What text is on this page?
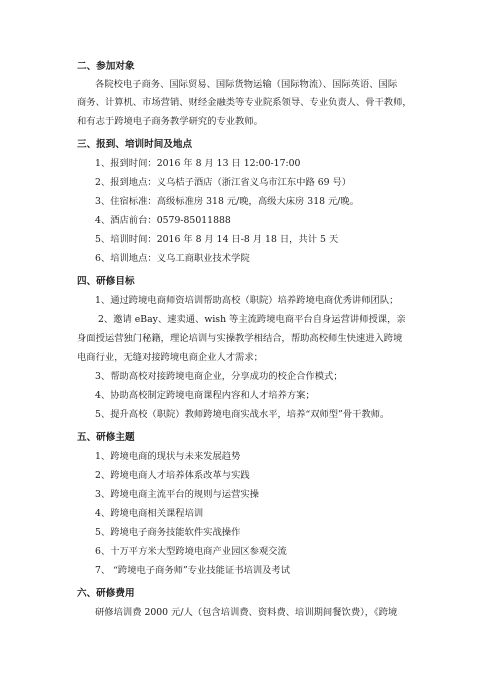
二、参加对象
各院校电子商务、国际贸易、国际货物运输（国际物流）、国际英语、国际
商务、计算机、市场营销、财经金融类等专业院系领导、专业负责人、骨干教师，
和有志于跨境电子商务教学研究的专业教师。
三、报到、培训时间及地点
1、报到时间：2016 年 8 月 13 日 12:00-17:00
2、报到地点：义乌桔子酒店（浙江省义乌市江东中路 69 号）
3、住宿标准：高级标准房 318 元/晚，高级大床房 318 元/晚。
4、酒店前台：0579-85011888
5、培训时间：2016 年 8 月 14 日-8 月 18 日，共计 5 天
6、培训地点：义乌工商职业技术学院
四、研修目标
1、通过跨境电商师资培训帮助高校（职院）培养跨境电商优秀讲师团队；
2、邀请 eBay、速卖通、wish 等主流跨境电商平台自身运营讲师授课，亲
身面授运营独门秘籍，理论培训与实操教学相结合，帮助高校师生快速进入跨境
电商行业，无缝对接跨境电商企业人才需求；
3、帮助高校对接跨境电商企业，分享成功的校企合作模式；
4、协助高校制定跨境电商课程内容和人才培养方案；
5、提升高校（职院）教师跨境电商实战水平，培养“双师型”骨干教师。
五、研修主题
1、跨境电商的现状与未来发展趋势
2、跨境电商人才培养体系改革与实践
3、跨境电商主流平台的规则与运营实操
4、跨境电商相关课程培训
5、跨境电子商务技能软件实战操作
6、十万平方米大型跨境电商产业园区参观交流
7、 “跨境电子商务师”专业技能证书培训及考试
六、研修费用
研修培训费 2000 元/人（包含培训费、资料费、培训期间餐饮费），《跨境
